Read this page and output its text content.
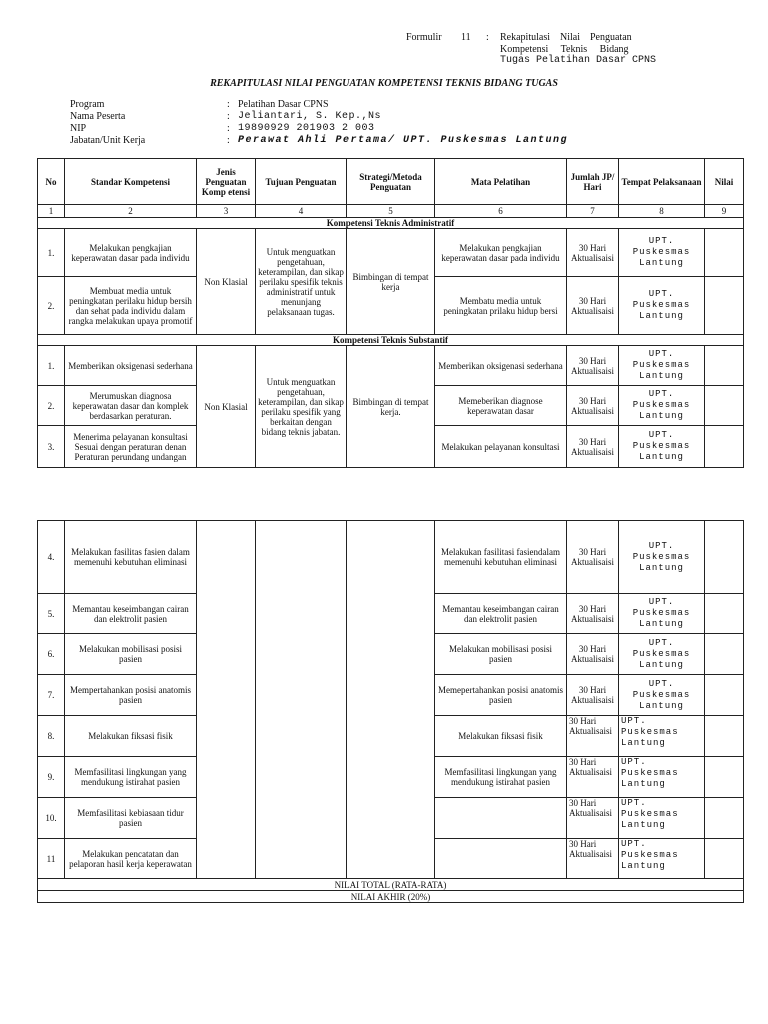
Formulir 11 : Rekapitulasi    Nilai    Penguatan
Kompetensi     Teknis     Bidang
Tugas Pelatihan Dasar CPNS
REKAPITULASI NILAI PENGUATAN KOMPETENSI TEKNIS BIDANG TUGAS
Program	: Pelatihan Dasar CPNS
Nama Peserta	: Jeliantari, S. Kep.,Ns
NIP	: 19890929 201903 2 003
Jabatan/Unit Kerja	: Perawat Ahli Pertama/ UPT. Puskesmas Lantung
No	Standar Kompetensi	Jenis Penguatan Komp etensi	Tujuan Penguatan	Strategi/Metoda Penguatan	Mata Pelatihan	Jumlah JP/ Hari	Tempat Pelaksanaan	Nilai
1	2	3	4	5	6	7	8	9
Kompetensi Teknis Administratif								
1.	Melakukan pengkajian keperawatan dasar pada individu	Non Klasial	Untuk menguatkan pengetahuan, keterampilan, dan sikap perilaku spesifik teknis administratif untuk menunjang pelaksanaan tugas.	Bimbingan di tempat kerja	Melakukan pengkajian keperawatan dasar pada individu	30 Hari Aktualisaisi	UPT. Puskesmas Lantung	
2.	Membuat media untuk peningkatan perilaku hidup bersih dan sehat pada individu dalam rangka melakukan upaya promotif				Membatu media untuk peningkatan prilaku hidup bersi	30 Hari Aktualisaisi	UPT. Puskesmas Lantung	
Kompetensi Teknis Substantif								
1.	Memberikan oksigenasi sederhana	Non Klasial	Untuk menguatkan pengetahuan, keterampilan, dan sikap perilaku spesifik yang berkaitan dengan bidang teknis jabatan.	Bimbingan di tempat kerja.	Memberikan oksigenasi sederhana	30 Hari Aktualisaisi	UPT. Puskesmas Lantung	
2.	Merumuskan diagnosa keperawatan dasar dan komplek berdasarkan peraturan.				Memeberikan diagnose keperawatan dasar	30 Hari Aktualisaisi	UPT. Puskesmas Lantung	
3.	Menerima pelayanan konsultasi Sesuai dengan peraturan denan Peraturan perundang undangan				Melakukan pelayanan konsultasi	30 Hari Aktualisaisi	UPT. Puskesmas Lantung	
4.	Melakukan fasilitas fasien dalam memenuhi kebutuhan eliminasi				Melakukan fasilitasi fasiendalam memenuhi kebutuhan eliminasi	30 Hari Aktualisaisi	UPT. Puskesmas Lantung	
5.	Memantau keseimbangan cairan dan elektrolit pasien				Memantau keseimbangan cairan dan elektrolit pasien	30 Hari Aktualisaisi	UPT. Puskesmas Lantung	
6.	Melakukan mobilisasi posisi pasien				Melakukan mobilisasi posisi pasien	30 Hari Aktualisaisi	UPT. Puskesmas Lantung	
7.	Mempertahankan posisi anatomis pasien				Memepertahankan posisi anatomis pasien	30 Hari Aktualisaisi	UPT. Puskesmas Lantung	
8.	Melakukan fiksasi fisik				Melakukan fiksasi fisik	30 Hari Aktualisaisi	UPT. Puskesmas Lantung	
9.	Memfasilitasi lingkungan yang mendukung istirahat pasien				Memfasilitasi lingkungan yang mendukung istirahat pasien	30 Hari Aktualisaisi	UPT. Puskesmas Lantung	
10.	Memfasilitasi kebiasaan tidur pasien					30 Hari Aktualisaisi	UPT. Puskesmas Lantung	
11	Melakukan pencatatan dan pelaporan hasil kerja keperawatan					30 Hari Aktualisaisi	UPT. Puskesmas Lantung	
NILAI TOTAL (RATA-RATA)								
NILAI AKHIR (20%)								
